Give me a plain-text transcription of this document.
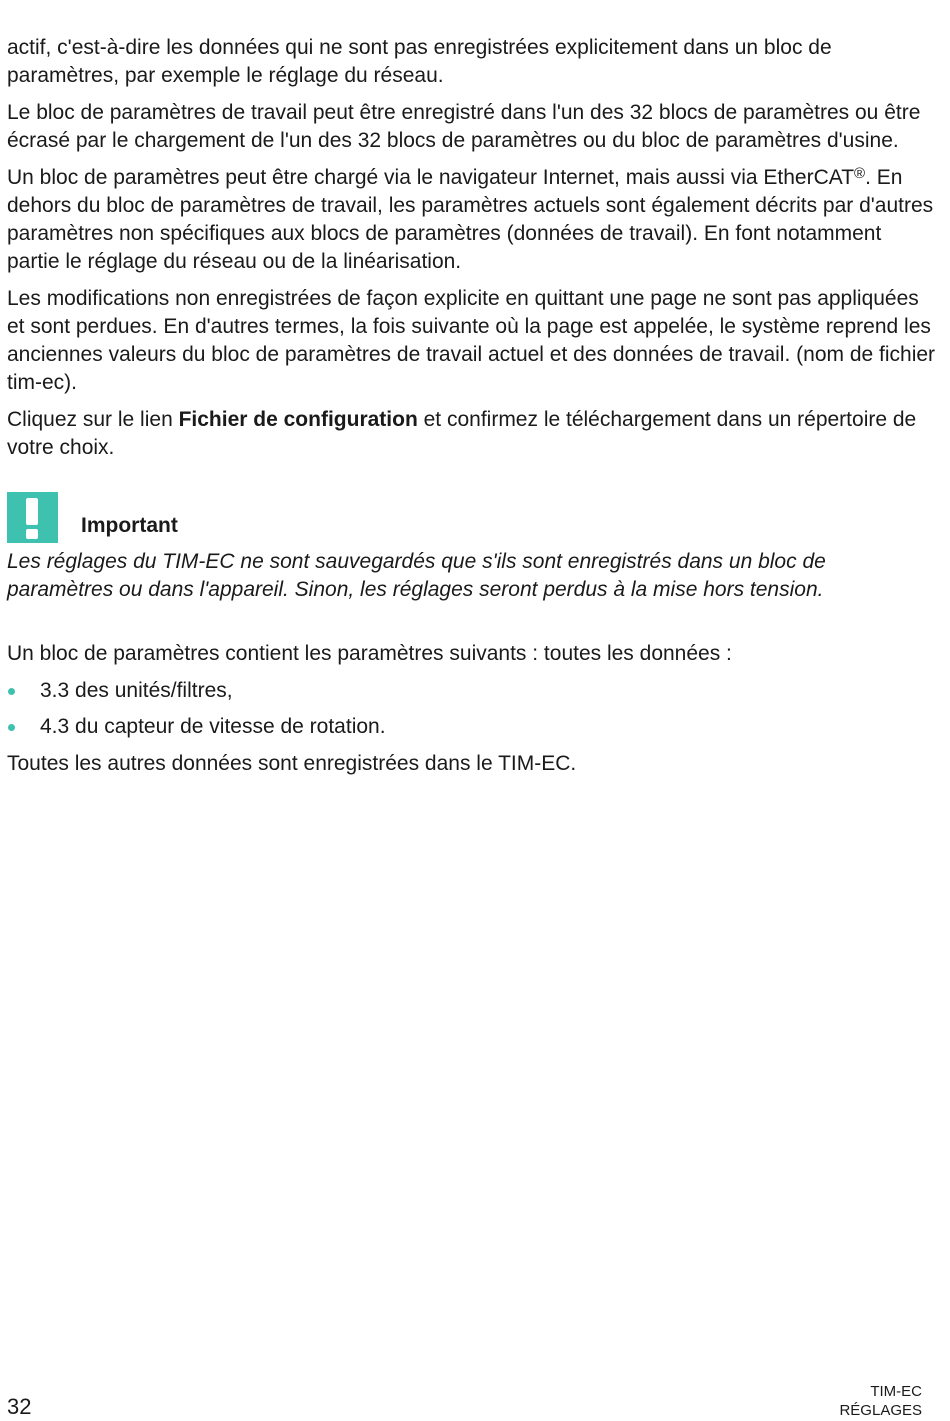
actif, c'est-à-dire les données qui ne sont pas enregistrées explicitement dans un bloc de paramètres, par exemple le réglage du réseau.

Le bloc de paramètres de travail peut être enregistré dans l'un des 32 blocs de paramètres ou être écrasé par le chargement de l'un des 32 blocs de paramètres ou du bloc de paramètres d'usine.

Un bloc de paramètres peut être chargé via le navigateur Internet, mais aussi via EtherCAT®. En dehors du bloc de paramètres de travail, les paramètres actuels sont également décrits par d'autres paramètres non spécifiques aux blocs de paramètres (données de travail). En font notamment partie le réglage du réseau ou de la linéarisation.

Les modifications non enregistrées de façon explicite en quittant une page ne sont pas appliquées et sont perdues. En d'autres termes, la fois suivante où la page est appelée, le système reprend les anciennes valeurs du bloc de paramètres de travail actuel et des données de travail. (nom de fichier tim-ec).

Cliquez sur le lien Fichier de configuration et confirmez le téléchargement dans un répertoire de votre choix.

Important

Les réglages du TIM-EC ne sont sauvegardés que s'ils sont enregistrés dans un bloc de paramètres ou dans l'appareil. Sinon, les réglages seront perdus à la mise hors tension.

Un bloc de paramètres contient les paramètres suivants : toutes les données :

3.3 des unités/filtres,
4.3 du capteur de vitesse de rotation.

Toutes les autres données sont enregistrées dans le TIM-EC.

32
TIM-EC
RÉGLAGES
